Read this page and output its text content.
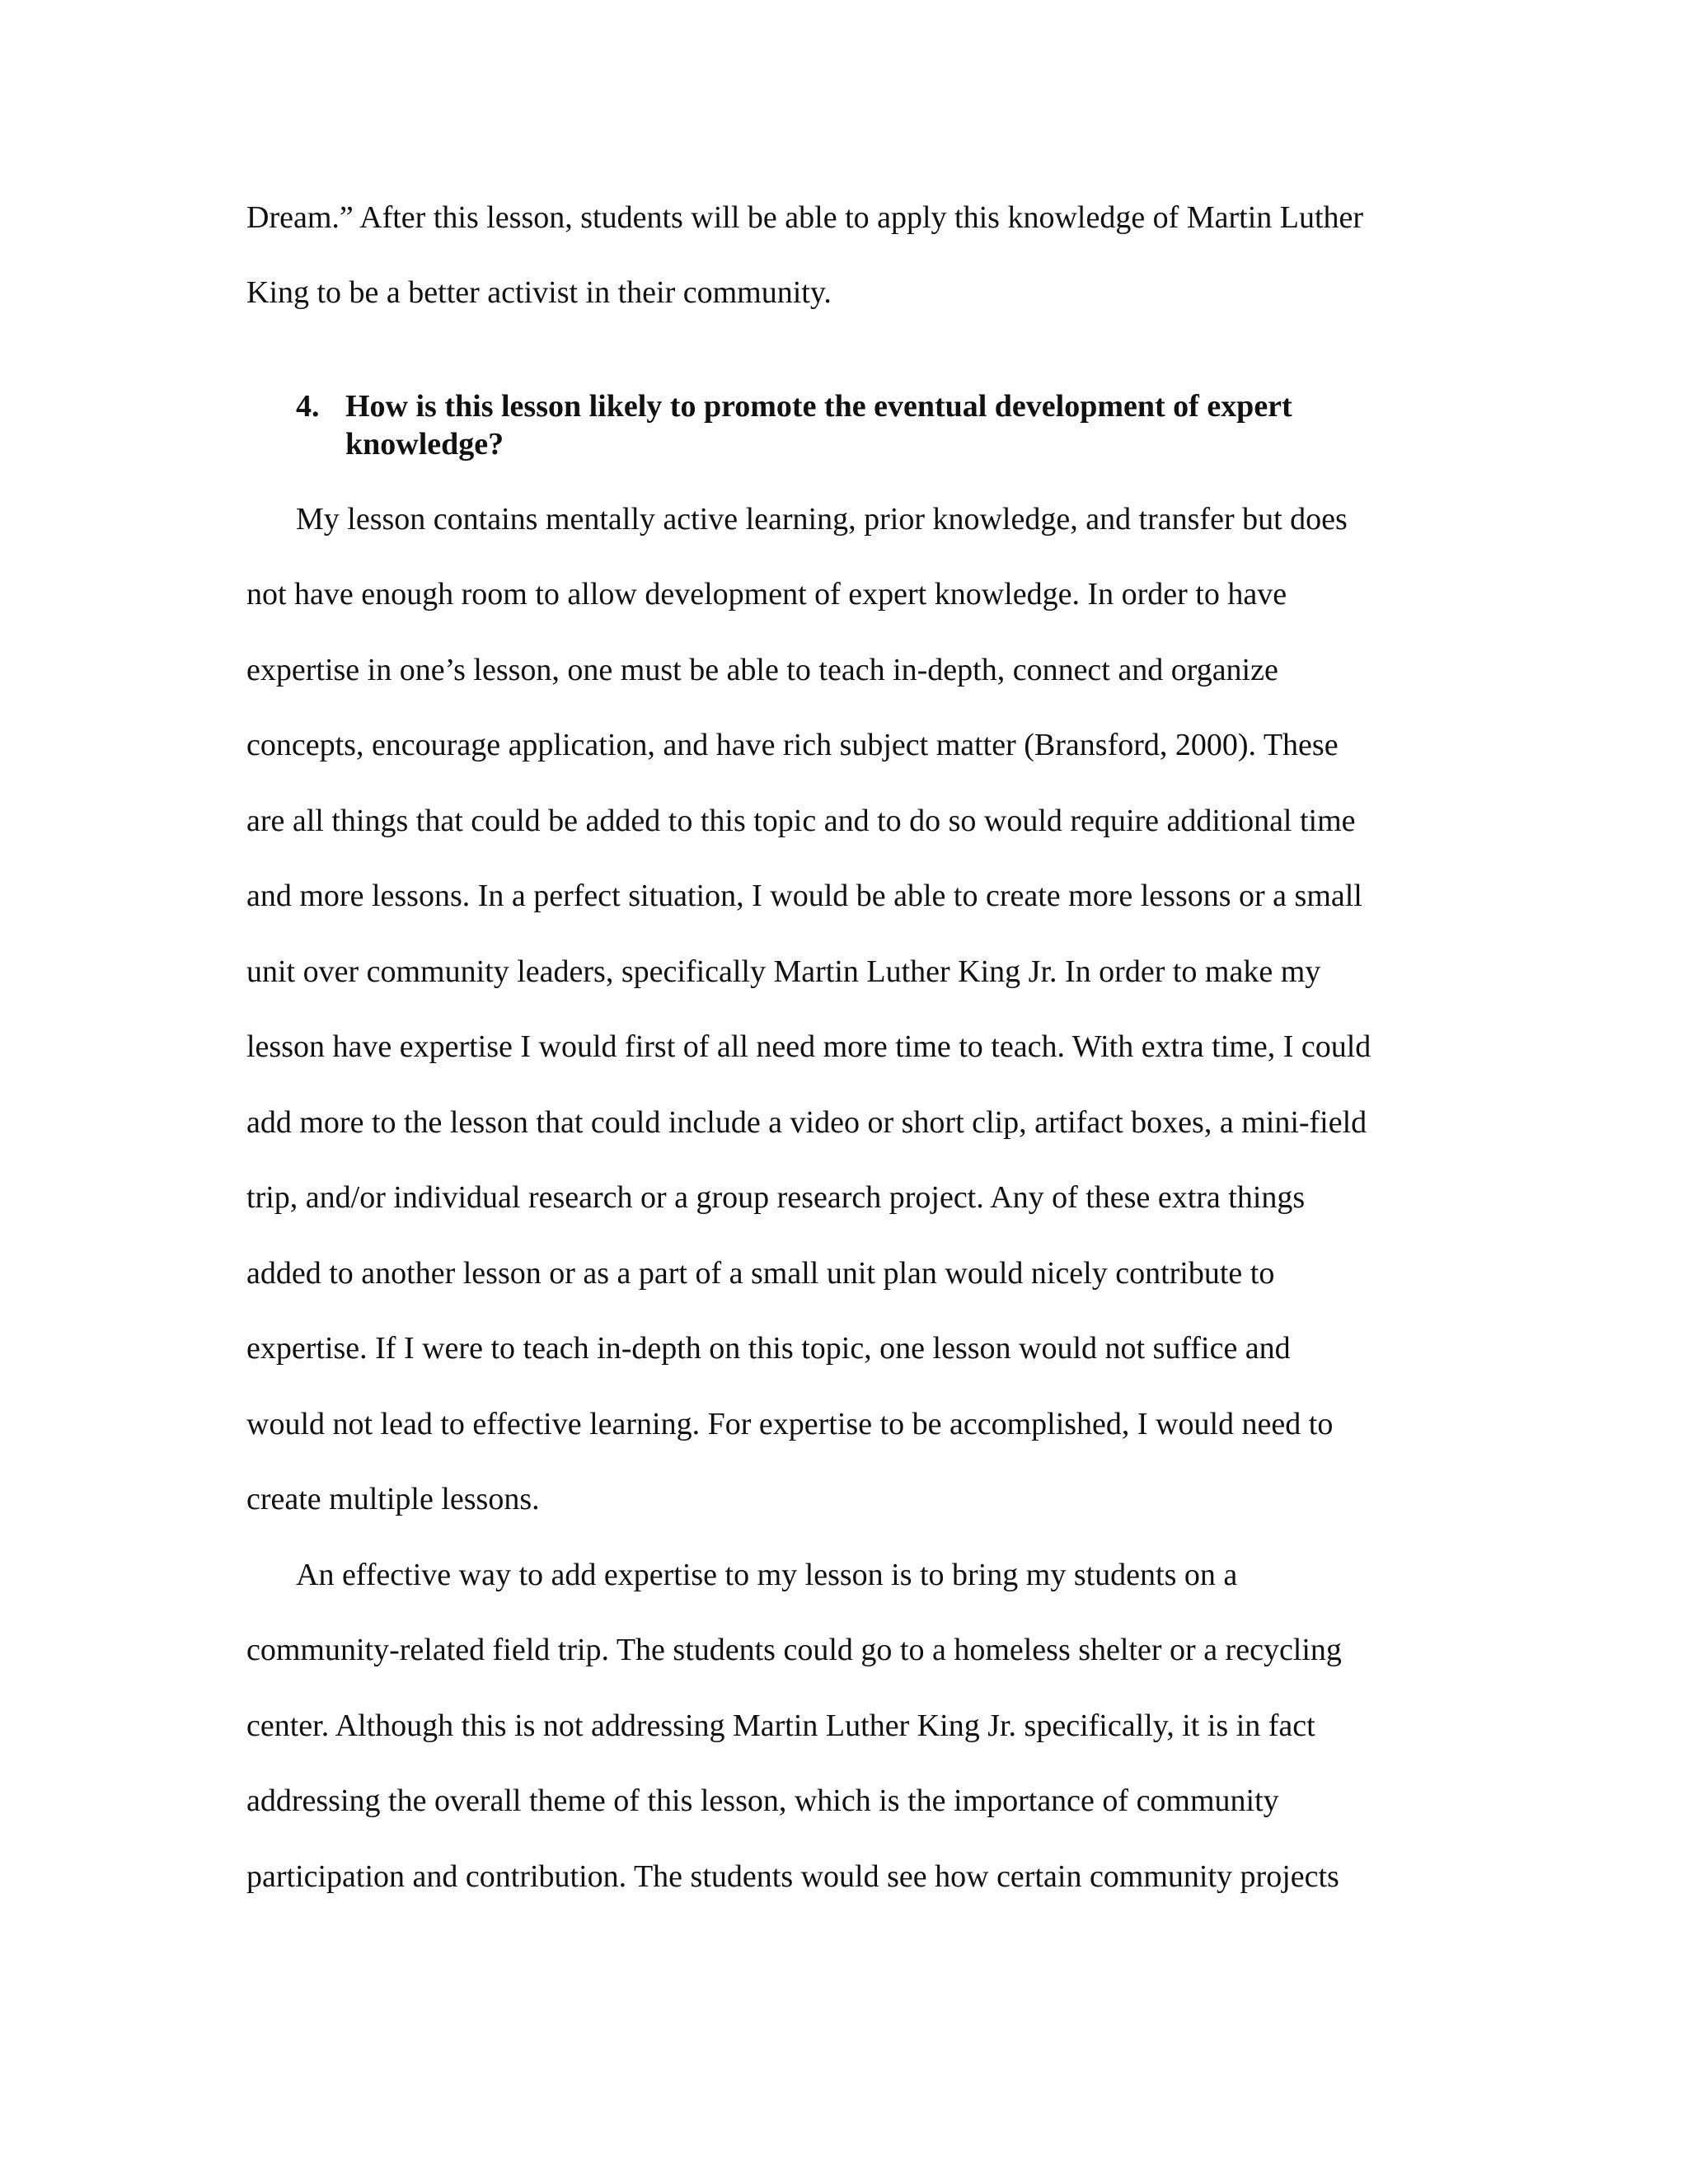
Dream.” After this lesson, students will be able to apply this knowledge of Martin Luther
King to be a better activist in their community.
4. How is this lesson likely to promote the eventual development of expert
knowledge?
My lesson contains mentally active learning, prior knowledge, and transfer but does
not have enough room to allow development of expert knowledge. In order to have
expertise in one’s lesson, one must be able to teach in-depth, connect and organize
concepts, encourage application, and have rich subject matter (Bransford, 2000). These
are all things that could be added to this topic and to do so would require additional time
and more lessons. In a perfect situation, I would be able to create more lessons or a small
unit over community leaders, specifically Martin Luther King Jr. In order to make my
lesson have expertise I would first of all need more time to teach. With extra time, I could
add more to the lesson that could include a video or short clip, artifact boxes, a mini-field
trip, and/or individual research or a group research project. Any of these extra things
added to another lesson or as a part of a small unit plan would nicely contribute to
expertise. If I were to teach in-depth on this topic, one lesson would not suffice and
would not lead to effective learning. For expertise to be accomplished, I would need to
create multiple lessons.
An effective way to add expertise to my lesson is to bring my students on a
community-related field trip. The students could go to a homeless shelter or a recycling
center. Although this is not addressing Martin Luther King Jr. specifically, it is in fact
addressing the overall theme of this lesson, which is the importance of community
participation and contribution. The students would see how certain community projects
